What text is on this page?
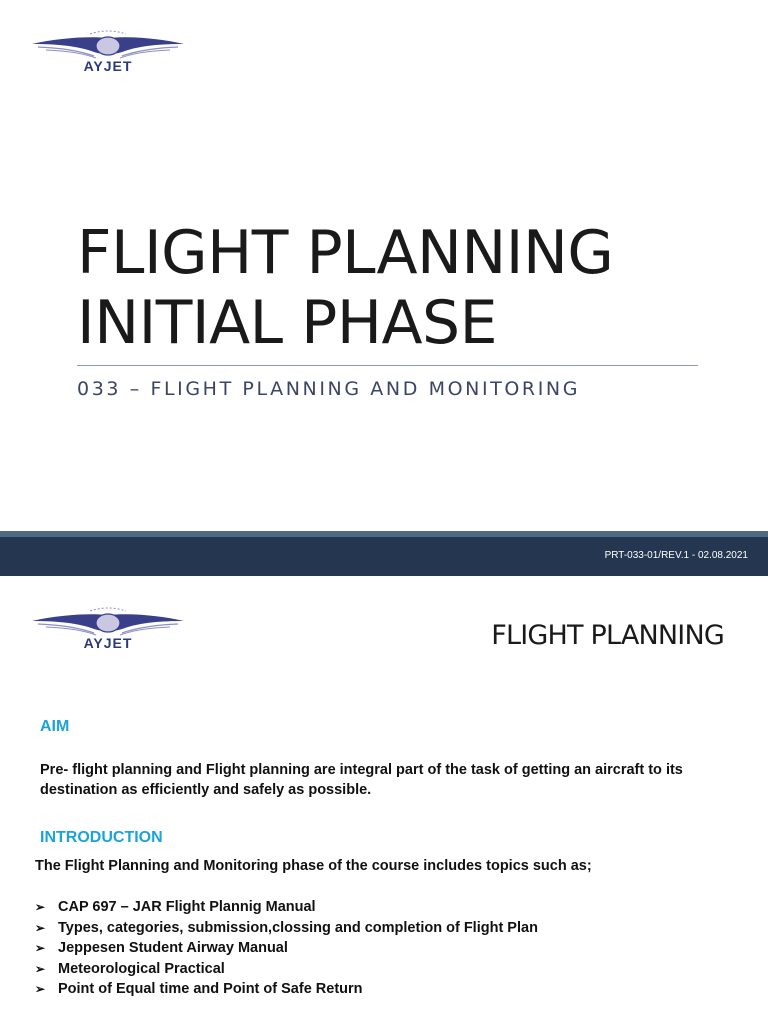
AYJET
FLIGHT PLANNING
INITIAL PHASE
033 – FLIGHT PLANNING AND MONITORING
PRT-033-01/REV.1 - 02.08.2021
AYJET	FLIGHT PLANNING
AIM
Pre- flight planning and Flight planning are integral part of the task of getting an aircraft to its destination as efficiently and safely as possible.
INTRODUCTION
The Flight Planning and Monitoring phase of the course includes topics such as;
➢ CAP 697 – JAR Flight Plannig Manual
➢ Types, categories, submission,clossing and completion of Flight Plan
➢ Jeppesen Student Airway Manual
➢ Meteorological Practical
➢ Point of Equal time and Point of Safe Return
